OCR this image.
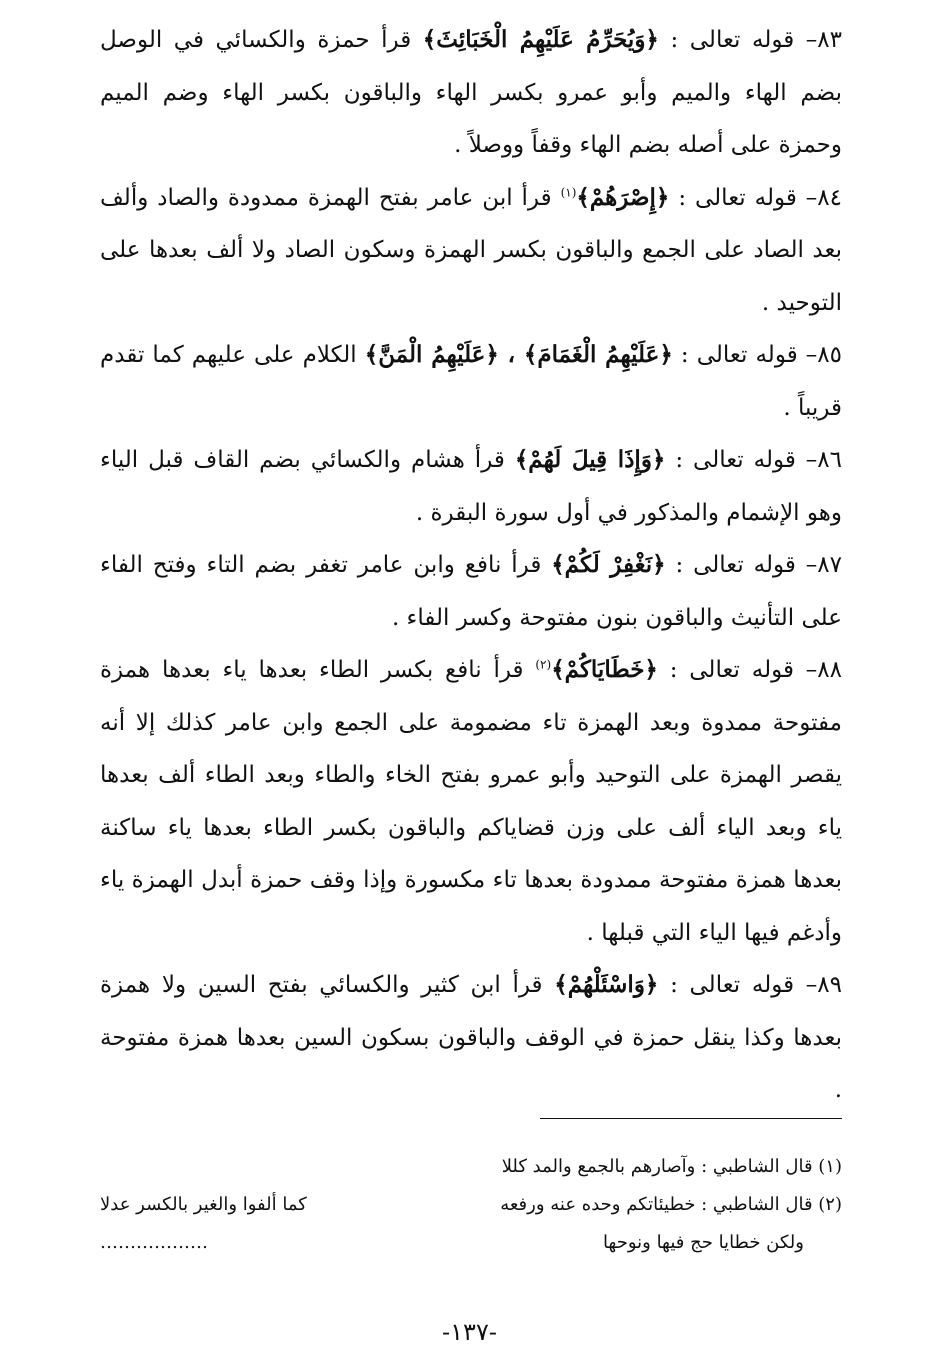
٨٣– قوله تعالى : ﴿وَيُحَرِّمُ عَلَيْهِمُ الْخَبَائِثَ﴾ قرأ حمزة والكسائي في الوصل بضم الهاء والميم وأبو عمرو بكسر الهاء والباقون بكسر الهاء وضم الميم وحمزة على أصله بضم الهاء وقفاً ووصلاً .

٨٤– قوله تعالى : ﴿إِصْرَهُمْ﴾$^{(١)}$ قرأ ابن عامر بفتح الهمزة ممدودة والصاد وألف بعد الصاد على الجمع والباقون بكسر الهمزة وسكون الصاد ولا ألف بعدها على التوحيد .

٨٥– قوله تعالى : ﴿عَلَيْهِمُ الْغَمَامَ﴾ ، ﴿عَلَيْهِمُ الْمَنَّ﴾ الكلام على عليهم كما تقدم قريباً .

٨٦– قوله تعالى : ﴿وَإِذَا قِيلَ لَهُمْ﴾ قرأ هشام والكسائي بضم القاف قبل الياء وهو الإشمام والمذكور في أول سورة البقرة .

٨٧– قوله تعالى : ﴿نَغْفِرْ لَكُمْ﴾ قرأ نافع وابن عامر تغفر بضم التاء وفتح الفاء على التأنيث والباقون بنون مفتوحة وكسر الفاء .

٨٨– قوله تعالى : ﴿خَطَايَاكُمْ﴾$^{(٢)}$ قرأ نافع بكسر الطاء بعدها ياء بعدها همزة مفتوحة ممدوة وبعد الهمزة تاء مضمومة على الجمع وابن عامر كذلك إلا أنه يقصر الهمزة على التوحيد وأبو عمرو بفتح الخاء والطاء وبعد الطاء ألف بعدها ياء وبعد الياء ألف على وزن قضاياكم والباقون بكسر الطاء بعدها ياء ساكنة بعدها همزة مفتوحة ممدودة بعدها تاء مكسورة وإذا وقف حمزة أبدل الهمزة ياء وأدغم فيها الياء التي قبلها .

٨٩– قوله تعالى : ﴿وَاسْئَلْهُمْ﴾ قرأ ابن كثير والكسائي بفتح السين ولا همزة بعدها وكذا ينقل حمزة في الوقف والباقون بسكون السين بعدها همزة مفتوحة .

(١) قال الشاطبي : وآصارهم بالجمع والمد كللا
(٢) قال الشاطبي : خطيئاتكم وحده عنه ورفعه
كما ألفوا والغير بالكسر عدلا
ولكن خطايا حج فيها ونوحها
………………
-١٣٧-
